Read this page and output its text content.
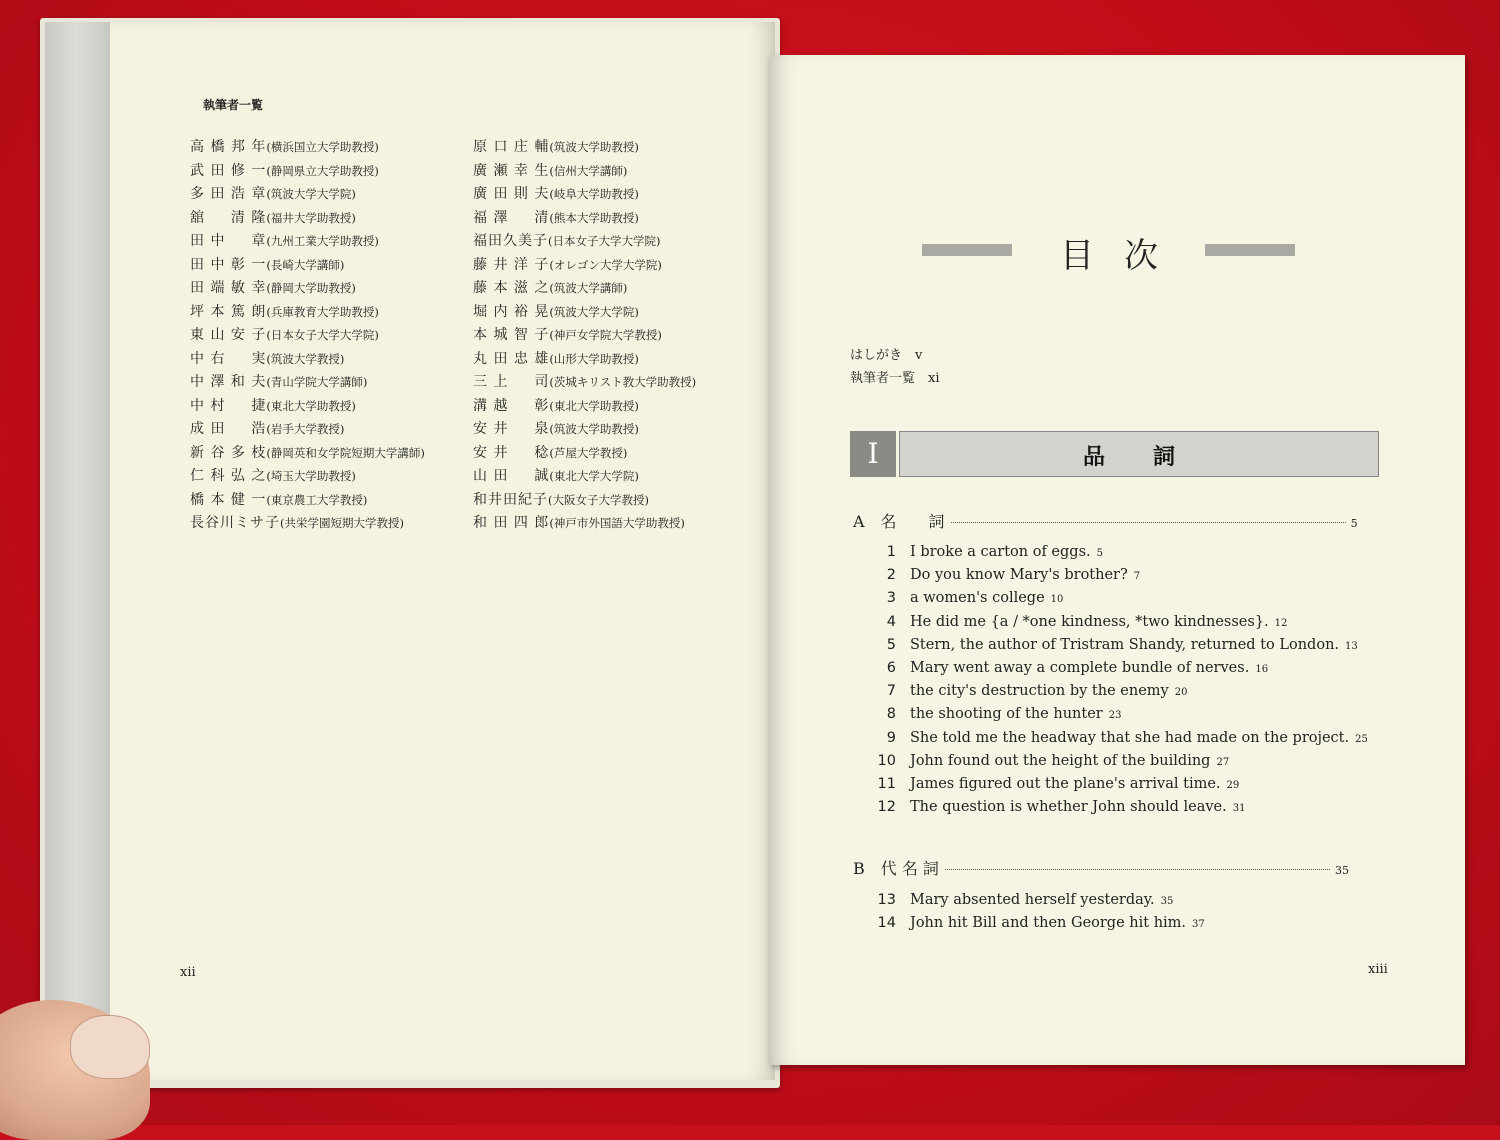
執筆者一覧
高 橋 邦 年(横浜国立大学助教授)
武 田 修 一(静岡県立大学助教授)
多 田 浩 章(筑波大学大学院)
舘 　 清 隆(福井大学助教授)
田 中 　 章(九州工業大学助教授)
田 中 彰 一(長崎大学講師)
田 端 敏 幸(静岡大学助教授)
坪 本 篤 朗(兵庫教育大学助教授)
東 山 安 子(日本女子大学大学院)
中 右 　 実(筑波大学教授)
中 澤 和 夫(青山学院大学講師)
中 村 　 捷(東北大学助教授)
成 田 　 浩(岩手大学教授)
新 谷 多 枝(静岡英和女学院短期大学講師)
仁 科 弘 之(埼玉大学助教授)
橋 本 健 一(東京農工大学教授)
長谷川ミサ子(共栄学園短期大学教授)
原 口 庄 輔(筑波大学助教授)
廣 瀬 幸 生(信州大学講師)
廣 田 則 夫(岐阜大学助教授)
福 澤 　 清(熊本大学助教授)
福田久美子(日本女子大学大学院)
藤 井 洋 子(オレゴン大学大学院)
藤 本 滋 之(筑波大学講師)
堀 内 裕 晃(筑波大学大学院)
本 城 智 子(神戸女学院大学教授)
丸 田 忠 雄(山形大学助教授)
三 上 　 司(茨城キリスト教大学助教授)
溝 越 　 彰(東北大学助教授)
安 井 　 泉(筑波大学助教授)
安 井 　 稔(芦屋大学教授)
山 田 　 誠(東北大学大学院)
和井田紀子(大阪女子大学教授)
和 田 四 郎(神戸市外国語大学助教授)
xii
目次
はしがき　 v
執筆者一覧　 xi
I	品詞
A　名　　詞	5
1 I broke a carton of eggs. 5
2 Do you know Mary's brother? 7
3 a women's college 10
4 He did me {a / *one kindness, *two kindnesses}. 12
5 Stern, the author of Tristram Shandy, returned to London. 13
6 Mary went away a complete bundle of nerves. 16
7 the city's destruction by the enemy 20
8 the shooting of the hunter 23
9 She told me the headway that she had made on the project. 25
10 John found out the height of the building 27
11 James figured out the plane's arrival time. 29
12 The question is whether John should leave. 31
B　代 名 詞	35
13 Mary absented herself yesterday. 35
14 John hit Bill and then George hit him. 37
xiii
